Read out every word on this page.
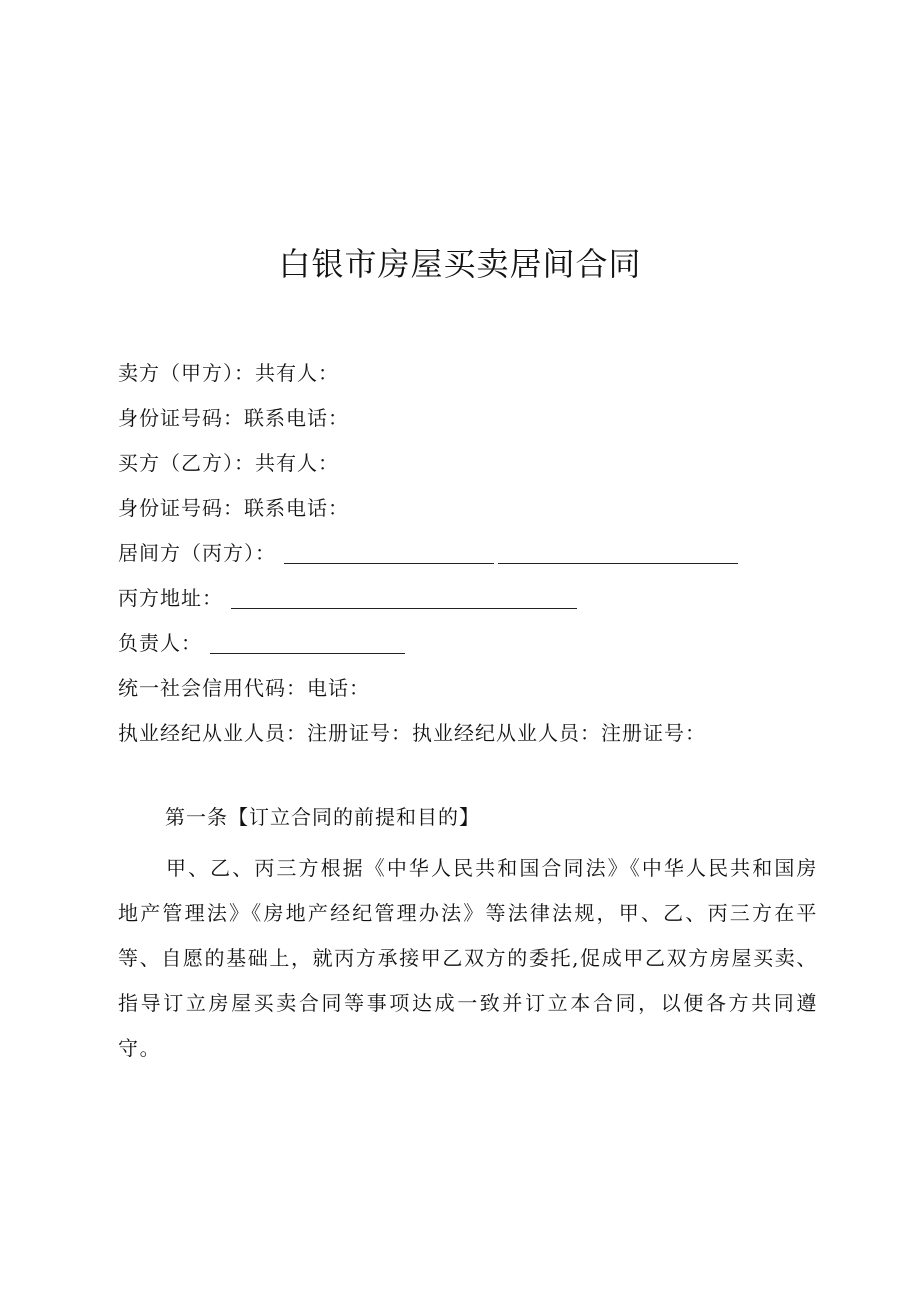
白银市房屋买卖居间合同
卖方（甲方）：共有人：
身份证号码：联系电话：
买方（乙方）：共有人：
身份证号码：联系电话：
居间方（丙方）：
丙方地址：
负责人：
统一社会信用代码：电话：
执业经纪从业人员：注册证号：执业经纪从业人员：注册证号：
第一条【订立合同的前提和目的】

甲、乙、丙三方根据《中华人民共和国合同法》《中华人民共和国房地产管理法》《房地产经纪管理办法》等法律法规，甲、乙、丙三方在平等、自愿的基础上，就丙方承接甲乙双方的委托,促成甲乙双方房屋买卖、指导订立房屋买卖合同等事项达成一致并订立本合同，以便各方共同遵守。
